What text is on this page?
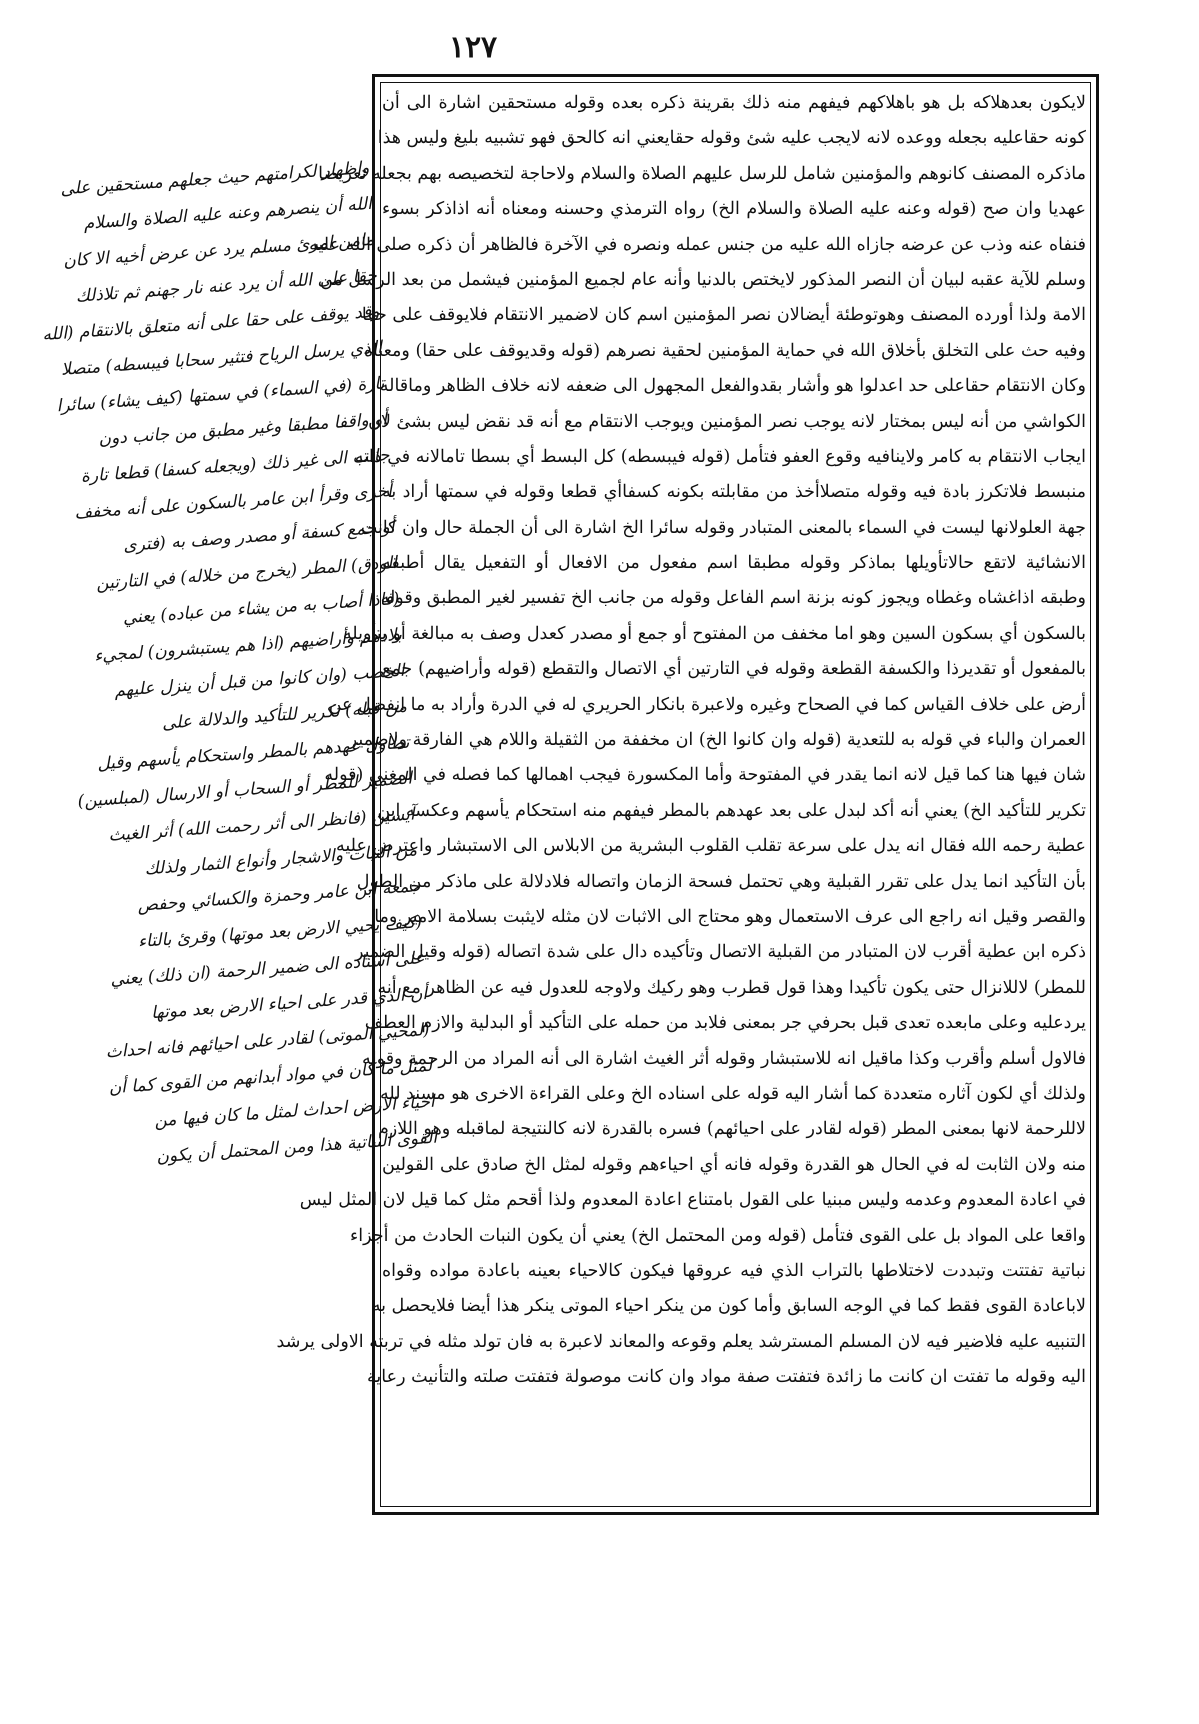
١٢٧
واظهار لكرامتهم حيث جعلهم مستحقين على
الله أن ينصرهم وعنه عليه الصلاة والسلام
مامن امرئ مسلم يرد عن عرض أخيه الا كان
حقا على الله أن يرد عنه نار جهنم ثم تلاذلك
وقد يوقف على حقا على أنه متعلق بالانتقام (الله
الذي يرسل الرياح فتثير سحابا فيبسطه) متصلا
تارة (في السماء) في سمتها (كيف يشاء) سائرا
أو واقفا مطبقا وغير مطبق من جانب دون
جانب الى غير ذلك (ويجعله كسفا) قطعا تارة
أخرى وقرأ ابن عامر بالسكون على أنه مخفف
أو جمع كسفة أو مصدر وصف به (فترى
الودق) المطر (يخرج من خلاله) في التارتين
(فاذا أصاب به من يشاء من عباده) يعني
بلادهم وأراضيهم (اذا هم يستبشرون) لمجيء
الخصب (وان كانوا من قبل أن ينزل عليهم
من قبله) تكرير للتأكيد والدلالة على
تطاول عهدهم بالمطر واستحكام يأسهم وقيل
الضمير للمطر أو السحاب أو الارسال (لمبلسين)
آيسين (فانظر الى أثر رحمت الله) أثر الغيث
من النبات والاشجار وأنواع الثمار ولذلك
جمعه ابن عامر وحمزة والكسائي وحفص
(كيف يحيي الارض بعد موتها) وقرئ بالتاء
على اسناده الى ضمير الرحمة (ان ذلك) يعني
أن الذي قدر على احياء الارض بعد موتها
(لمحيي الموتى) لقادر على احيائهم فانه احداث
لمثل ما كان في مواد أبدانهم من القوى كما أن
احياء الارض احداث لمثل ما كان فيها من
القوى النباتية هذا ومن المحتمل أن يكون
لايكون بعدهلاكه بل هو باهلاكهم فيفهم منه ذلك بقرينة ذكره بعده وقوله مستحقين اشارة الى أن
كونه حقاعليه بجعله ووعده لانه لايجب عليه شئ وقوله حقايعني انه كالحق فهو تشبيه بليغ وليس هذا
ماذكره المصنف كانوهم والمؤمنين شامل للرسل عليهم الصلاة والسلام ولاحاجة لتخصيصه بهم بجعله تعريضا
عهديا وان صح (قوله وعنه عليه الصلاة والسلام الخ) رواه الترمذي وحسنه ومعناه أنه اذاذكر بسوء
فنفاه عنه وذب عن عرضه جازاه الله عليه من جنس عمله ونصره في الآخرة فالظاهر أن ذكره صلى الله عليه
وسلم للآية عقبه لبيان أن النصر المذكور لايختص بالدنيا وأنه عام لجميع المؤمنين فيشمل من بعد الرسل من
الامة ولذا أورده المصنف وهوتوطئة أيضالان نصر المؤمنين اسم كان لاضمير الانتقام فلايوقف على حقا
وفيه حث على التخلق بأخلاق الله في حماية المؤمنين لحقية نصرهم (قوله وقديوقف على حقا) ومعناه
وكان الانتقام حقاعلى حد اعدلوا هو وأشار بقدوالفعل المجهول الى ضعفه لانه خلاف الظاهر وماقاله
الكواشي من أنه ليس بمختار لانه يوجب نصر المؤمنين ويوجب الانتقام مع أنه قد نقض ليس بشئ لان
ايجاب الانتقام به كامر ولاينافيه وقوع العفو فتأمل (قوله فيبسطه) كل البسط أي بسطا تامالانه في ذاته
منبسط فلاتكرز بادة فيه وقوله متصلاأخذ من مقابلته بكونه كسفاأي قطعا وقوله في سمتها أراد به
جهة العلولانها ليست في السماء بالمعنى المتبادر وقوله سائرا الخ اشارة الى أن الجملة حال وان كانت
الانشائية لاتقع حالاتأويلها بماذكر وقوله مطبقا اسم مفعول من الافعال أو التفعيل يقال أطبقه
وطبقه اذاغشاه وغطاه ويجوز كونه بزنة اسم الفاعل وقوله من جانب الخ تفسير لغير المطبق وقوله
بالسكون أي بسكون السين وهو اما مخفف من المفتوح أو جمع أو مصدر كعدل وصف به مبالغة أو بتأويله
بالمفعول أو تقديرذا والكسفة القطعة وقوله في التارتين أي الاتصال والتقطع (قوله وأراضيهم) جمع
أرض على خلاف القياس كما في الصحاح وغيره ولاعبرة بانكار الحريري له في الدرة وأراد به ما انفصل عن
العمران والباء في قوله به للتعدية (قوله وان كانوا الخ) ان مخففة من الثقيلة واللام هي الفارقة ولاضمير
شان فيها هنا كما قيل لانه انما يقدر في المفتوحة وأما المكسورة فيجب اهمالها كما فصله في المغني (قوله
تكرير للتأكيد الخ) يعني أنه أكد لبدل على بعد عهدهم بالمطر فيفهم منه استحكام يأسهم وعكسه ابن
عطية رحمه الله فقال انه يدل على سرعة تقلب القلوب البشرية من الابلاس الى الاستبشار واعترض عليه
بأن التأكيد انما يدل على تقرر القبلية وهي تحتمل فسحة الزمان واتصاله فلادلالة على ماذكر من الطول
والقصر وقيل انه راجع الى عرف الاستعمال وهو محتاج الى الاثبات لان مثله لايثبت بسلامة الامير وما
ذكره ابن عطية أقرب لان المتبادر من القبلية الاتصال وتأكيده دال على شدة اتصاله (قوله وقيل الضمير
للمطر) لاللانزال حتى يكون تأكيدا وهذا قول قطرب وهو ركيك ولاوجه للعدول فيه عن الظاهر مع أنه
يردعليه وعلى مابعده تعدى قبل بحرفي جر بمعنى فلابد من حمله على التأكيد أو البدلية والازم العطف
فالاول أسلم وأقرب وكذا ماقيل انه للاستبشار وقوله أثر الغيث اشارة الى أنه المراد من الرحمة وقوله
ولذلك أي لكون آثاره متعددة كما أشار اليه قوله على اسناده الخ وعلى القراءة الاخرى هو مسند لله
لاللرحمة لانها بمعنى المطر (قوله لقادر على احيائهم) فسره بالقدرة لانه كالنتيجة لماقبله وهو اللازم
منه ولان الثابت له في الحال هو القدرة وقوله فانه أي احياءهم وقوله لمثل الخ صادق على القولين
في اعادة المعدوم وعدمه وليس مبنيا على القول بامتناع اعادة المعدوم ولذا أقحم مثل كما قيل لان المثل ليس
واقعا على المواد بل على القوى فتأمل (قوله ومن المحتمل الخ) يعني أن يكون النبات الحادث من أجزاء
نباتية تفتتت وتبددت لاختلاطها بالتراب الذي فيه عروقها فيكون كالاحياء بعينه باعادة مواده وقواه
لاباعادة القوى فقط كما في الوجه السابق وأما كون من ينكر احياء الموتى ينكر هذا أيضا فلايحصل به
التنبيه عليه فلاضير فيه لان المسلم المسترشد يعلم وقوعه والمعاند لاعبرة به فان تولد مثله في تربته الاولى يرشد
اليه وقوله ما تفتت ان كانت ما زائدة فتفتت صفة مواد وان كانت موصولة فتفتت صلته والتأنيث رعاية
